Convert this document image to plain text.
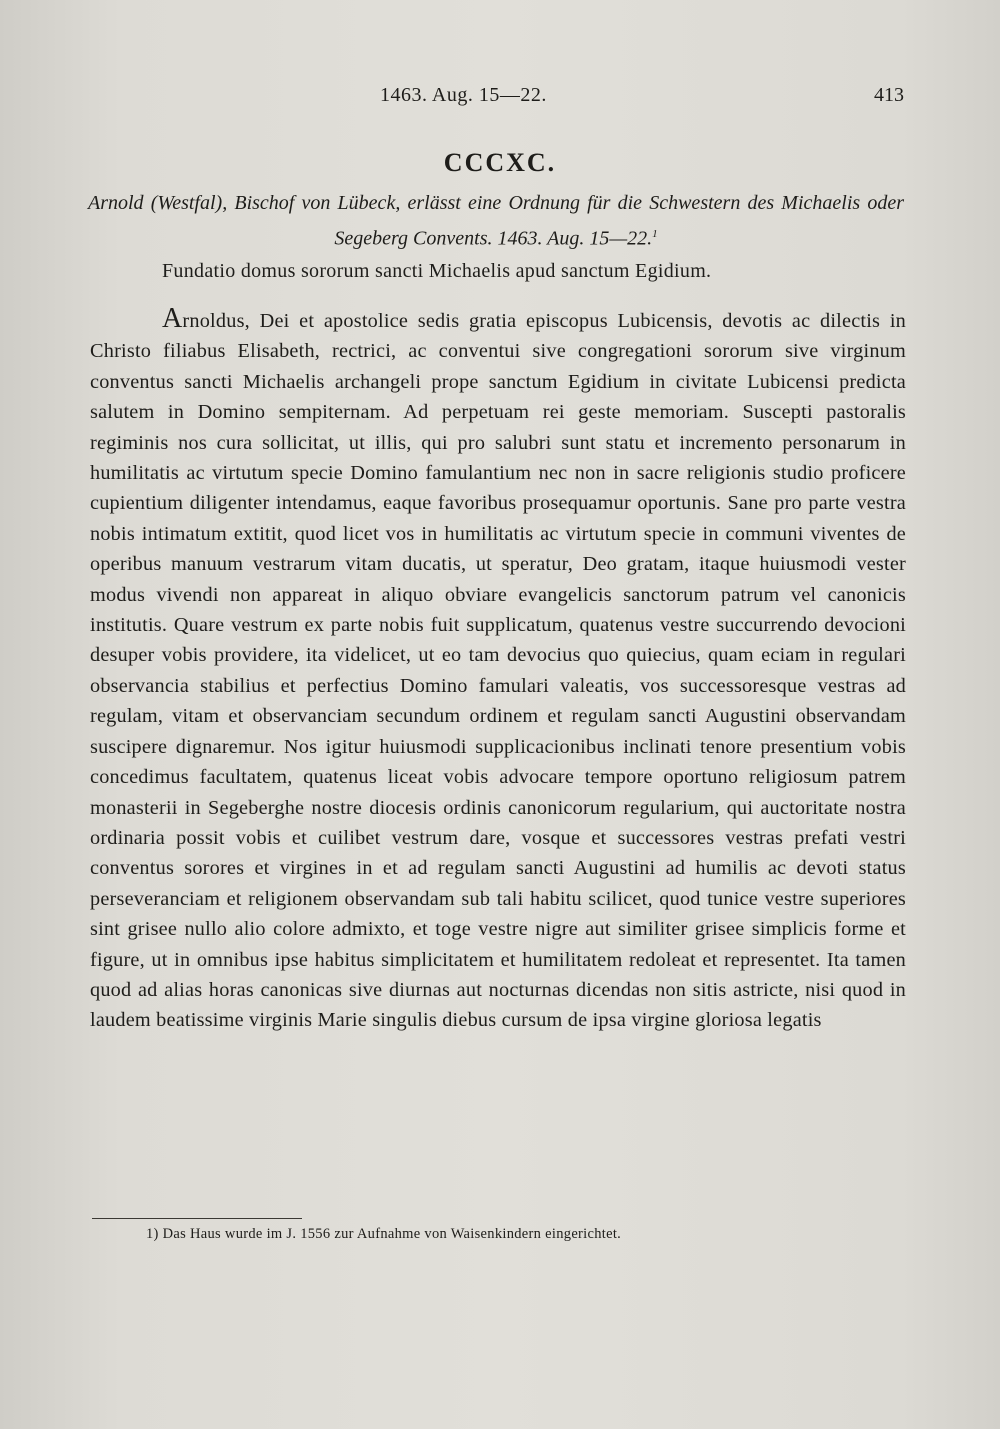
1463. Aug. 15—22.	413
CCCXC.
Arnold (Westfal), Bischof von Lübeck, erlässt eine Ordnung für die Schwestern des Michaelis oder Segeberg Convents. 1463. Aug. 15—22.$^1$
Fundatio domus sororum sancti Michaelis apud sanctum Egidium.
Arnoldus, Dei et apostolice sedis gratia episcopus Lubicensis, devotis ac dilectis in Christo filiabus Elisabeth, rectrici, ac conventui sive congregationi sororum sive virginum conventus sancti Michaelis archangeli prope sanctum Egidium in civitate Lubicensi predicta salutem in Domino sempiternam. Ad perpetuam rei geste memoriam. Suscepti pastoralis regiminis nos cura sollicitat, ut illis, qui pro salubri sunt statu et incremento personarum in humilitatis ac virtutum specie Domino famulantium nec non in sacre religionis studio proficere cupientium diligenter intendamus, eaque favoribus prosequamur oportunis. Sane pro parte vestra nobis intimatum extitit, quod licet vos in humilitatis ac virtutum specie in communi viventes de operibus manuum vestrarum vitam ducatis, ut speratur, Deo gratam, itaque huiusmodi vester modus vivendi non appareat in aliquo obviare evangelicis sanctorum patrum vel canonicis institutis. Quare vestrum ex parte nobis fuit supplicatum, quatenus vestre succurrendo devocioni desuper vobis providere, ita videlicet, ut eo tam devocius quo quiecius, quam eciam in regulari observancia stabilius et perfectius Domino famulari valeatis, vos successoresque vestras ad regulam, vitam et observanciam secundum ordinem et regulam sancti Augustini observandam suscipere dignaremur. Nos igitur huiusmodi supplicacionibus inclinati tenore presentium vobis concedimus facultatem, quatenus liceat vobis advocare tempore oportuno religiosum patrem monasterii in Segeberghe nostre diocesis ordinis canonicorum regularium, qui auctoritate nostra ordinaria possit vobis et cuilibet vestrum dare, vosque et successores vestras prefati vestri conventus sorores et virgines in et ad regulam sancti Augustini ad humilis ac devoti status perseveranciam et religionem observandam sub tali habitu scilicet, quod tunice vestre superiores sint grisee nullo alio colore admixto, et toge vestre nigre aut similiter grisee simplicis forme et figure, ut in omnibus ipse habitus simplicitatem et humilitatem redoleat et representet. Ita tamen quod ad alias horas canonicas sive diurnas aut nocturnas dicendas non sitis astricte, nisi quod in laudem beatissime virginis Marie singulis diebus cursum de ipsa virgine gloriosa legatis
1) Das Haus wurde im J. 1556 zur Aufnahme von Waisenkindern eingerichtet.
